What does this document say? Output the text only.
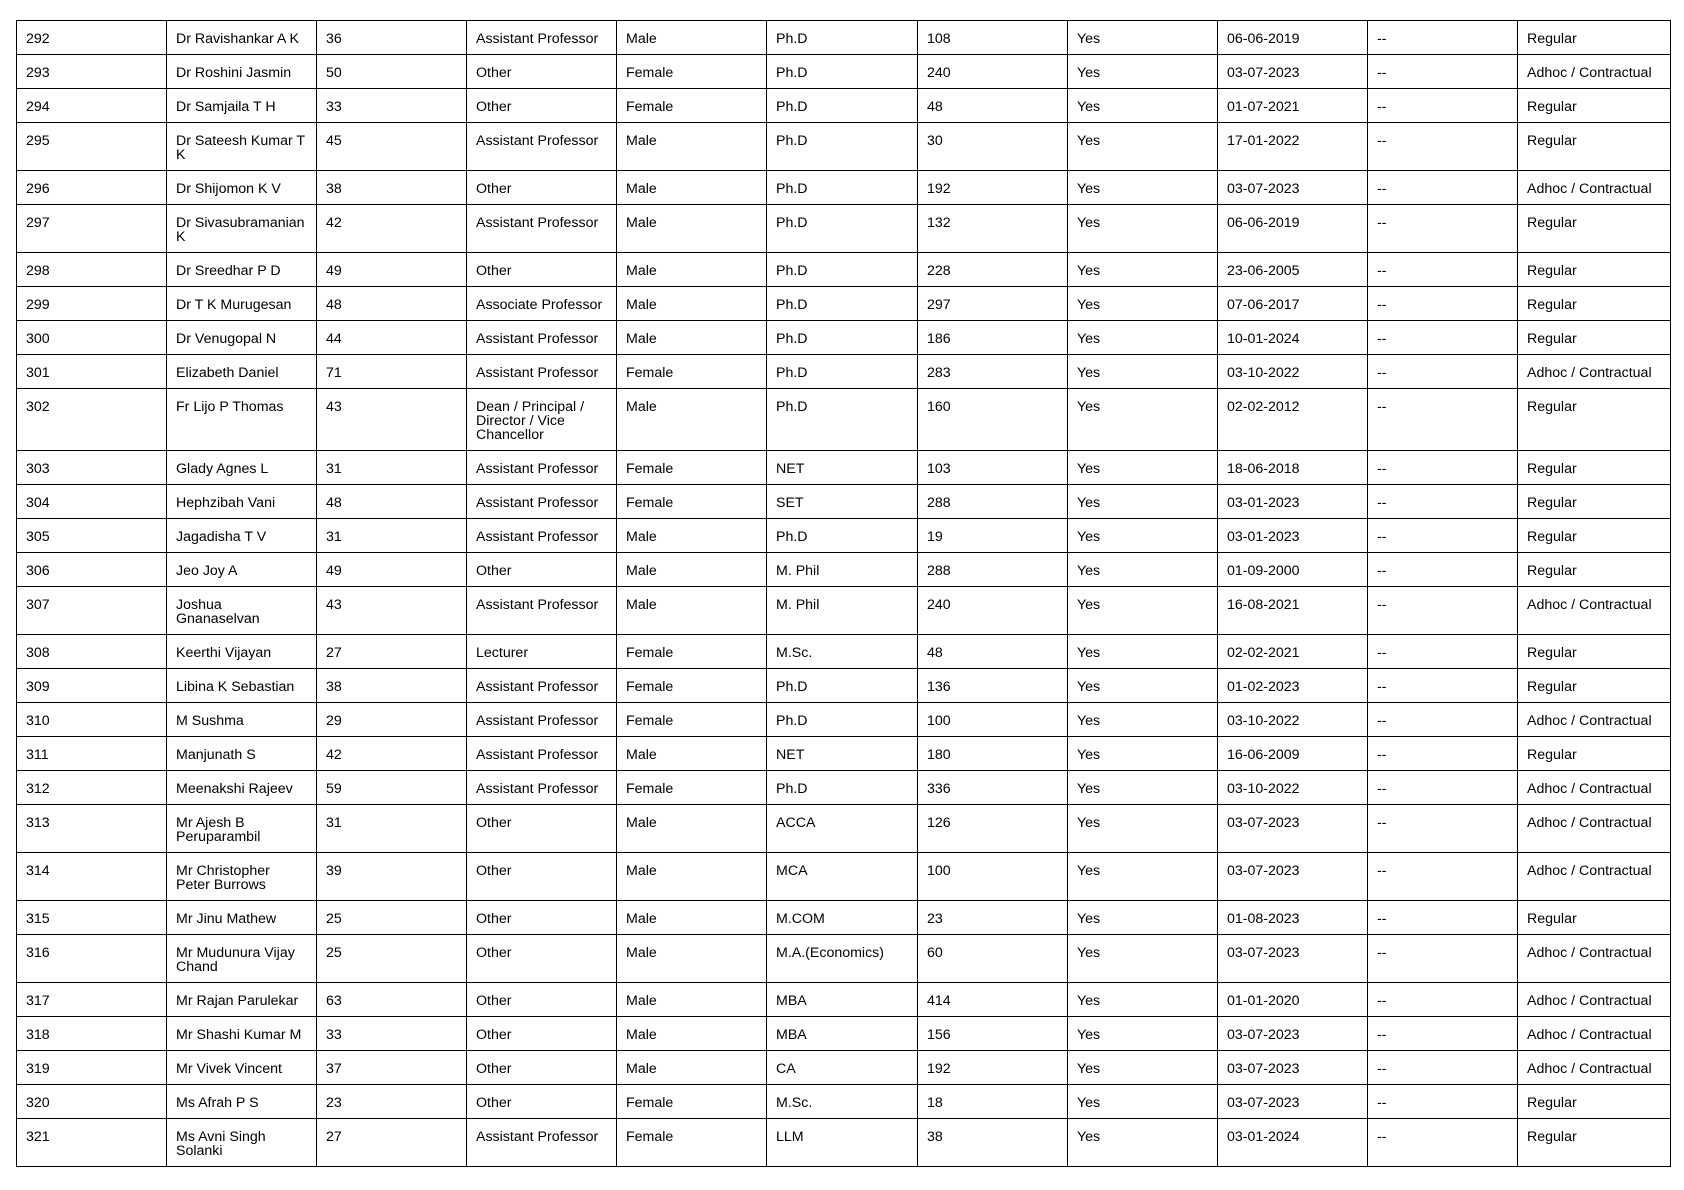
292	Dr Ravishankar A K	36	Assistant Professor	Male	Ph.D	108	Yes	06-06-2019	--	Regular
293	Dr Roshini Jasmin	50	Other	Female	Ph.D	240	Yes	03-07-2023	--	Adhoc / Contractual
294	Dr Samjaila T H	33	Other	Female	Ph.D	48	Yes	01-07-2021	--	Regular
295	Dr Sateesh Kumar T K	45	Assistant Professor	Male	Ph.D	30	Yes	17-01-2022	--	Regular
296	Dr Shijomon K V	38	Other	Male	Ph.D	192	Yes	03-07-2023	--	Adhoc / Contractual
297	Dr Sivasubramanian K	42	Assistant Professor	Male	Ph.D	132	Yes	06-06-2019	--	Regular
298	Dr Sreedhar P D	49	Other	Male	Ph.D	228	Yes	23-06-2005	--	Regular
299	Dr T K Murugesan	48	Associate Professor	Male	Ph.D	297	Yes	07-06-2017	--	Regular
300	Dr Venugopal N	44	Assistant Professor	Male	Ph.D	186	Yes	10-01-2024	--	Regular
301	Elizabeth Daniel	71	Assistant Professor	Female	Ph.D	283	Yes	03-10-2022	--	Adhoc / Contractual
302	Fr Lijo P Thomas	43	Dean / Principal / Director / Vice Chancellor	Male	Ph.D	160	Yes	02-02-2012	--	Regular
303	Glady Agnes L	31	Assistant Professor	Female	NET	103	Yes	18-06-2018	--	Regular
304	Hephzibah Vani	48	Assistant Professor	Female	SET	288	Yes	03-01-2023	--	Regular
305	Jagadisha T V	31	Assistant Professor	Male	Ph.D	19	Yes	03-01-2023	--	Regular
306	Jeo Joy A	49	Other	Male	M. Phil	288	Yes	01-09-2000	--	Regular
307	Joshua Gnanaselvan	43	Assistant Professor	Male	M. Phil	240	Yes	16-08-2021	--	Adhoc / Contractual
308	Keerthi Vijayan	27	Lecturer	Female	M.Sc.	48	Yes	02-02-2021	--	Regular
309	Libina K Sebastian	38	Assistant Professor	Female	Ph.D	136	Yes	01-02-2023	--	Regular
310	M Sushma	29	Assistant Professor	Female	Ph.D	100	Yes	03-10-2022	--	Adhoc / Contractual
311	Manjunath S	42	Assistant Professor	Male	NET	180	Yes	16-06-2009	--	Regular
312	Meenakshi Rajeev	59	Assistant Professor	Female	Ph.D	336	Yes	03-10-2022	--	Adhoc / Contractual
313	Mr Ajesh B Peruparambil	31	Other	Male	ACCA	126	Yes	03-07-2023	--	Adhoc / Contractual
314	Mr Christopher Peter Burrows	39	Other	Male	MCA	100	Yes	03-07-2023	--	Adhoc / Contractual
315	Mr Jinu Mathew	25	Other	Male	M.COM	23	Yes	01-08-2023	--	Regular
316	Mr Mudunura Vijay Chand	25	Other	Male	M.A.(Economics)	60	Yes	03-07-2023	--	Adhoc / Contractual
317	Mr Rajan Parulekar	63	Other	Male	MBA	414	Yes	01-01-2020	--	Adhoc / Contractual
318	Mr Shashi Kumar M	33	Other	Male	MBA	156	Yes	03-07-2023	--	Adhoc / Contractual
319	Mr Vivek Vincent	37	Other	Male	CA	192	Yes	03-07-2023	--	Adhoc / Contractual
320	Ms Afrah P S	23	Other	Female	M.Sc.	18	Yes	03-07-2023	--	Regular
321	Ms Avni Singh Solanki	27	Assistant Professor	Female	LLM	38	Yes	03-01-2024	--	Regular
